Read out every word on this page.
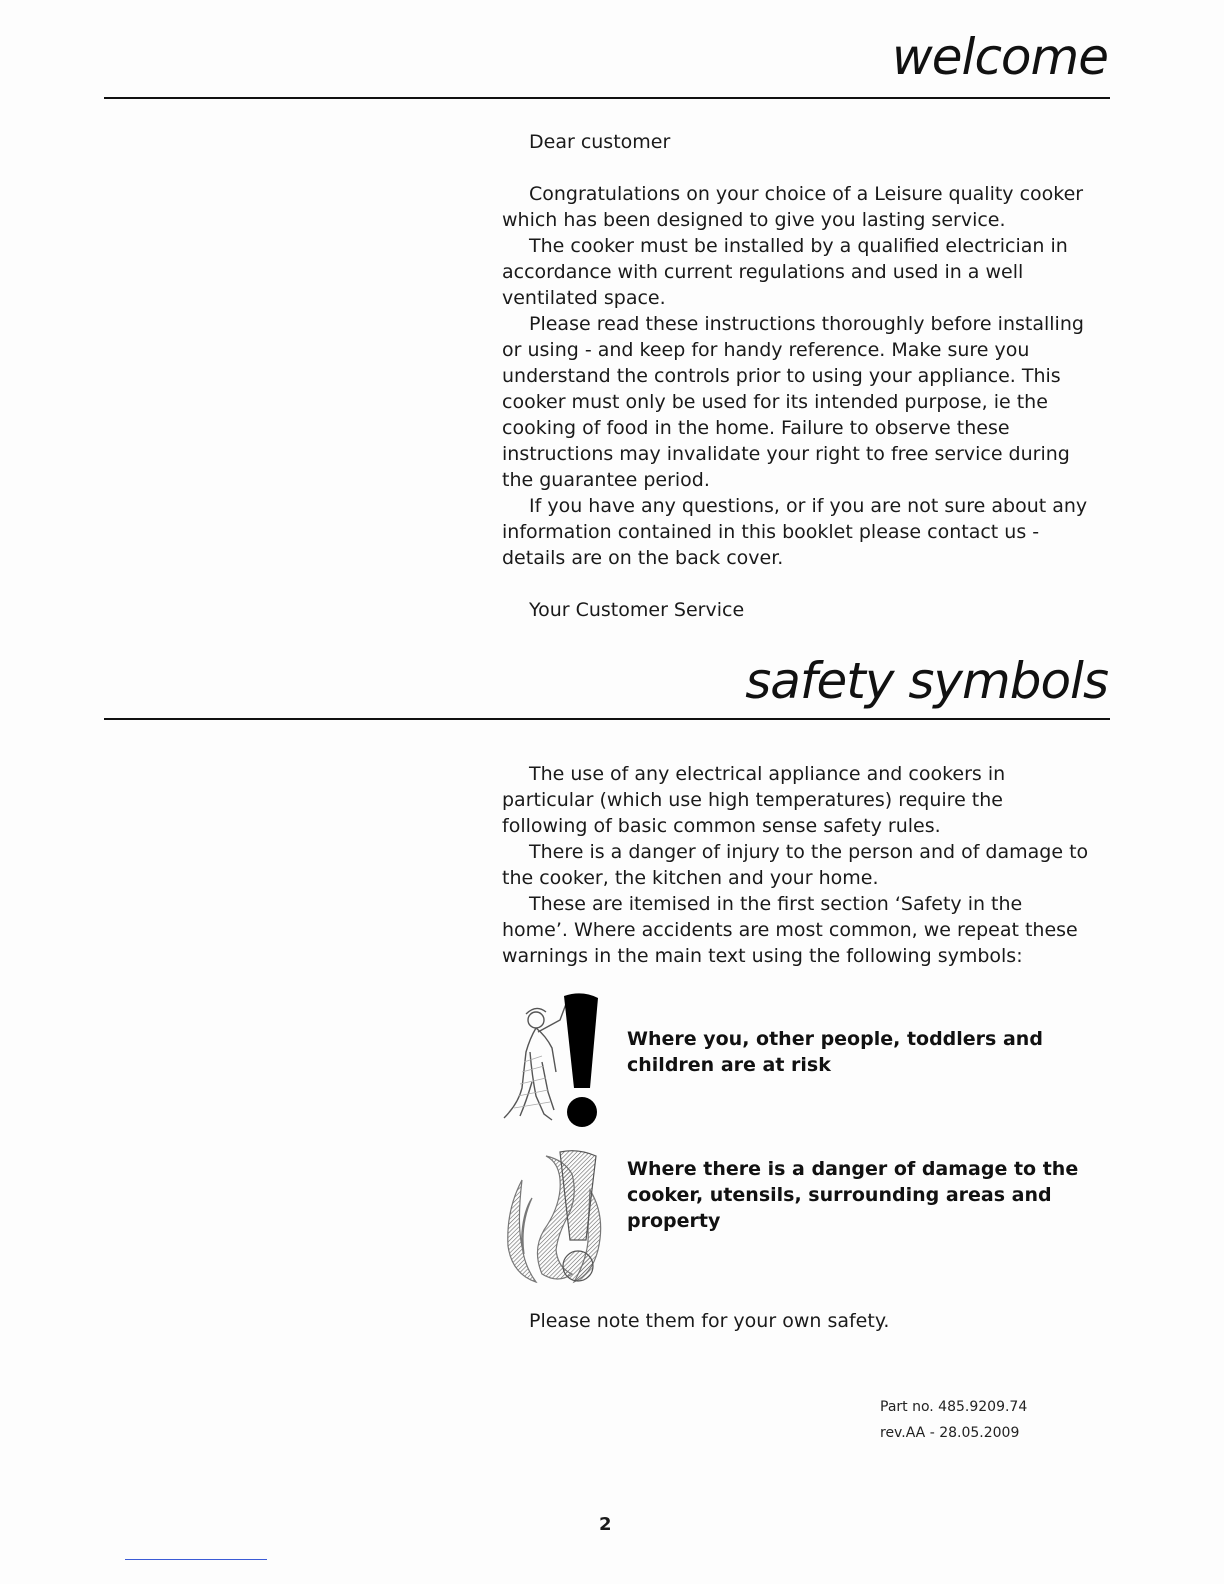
welcome

Dear customer

Congratulations on your choice of a Leisure quality cooker which has been designed to give you lasting service.

The cooker must be installed by a qualified electrician in accordance with current regulations and used in a well ventilated space.

Please read these instructions thoroughly before installing or using - and keep for handy reference. Make sure you understand the controls prior to using your appliance. This cooker must only be used for its intended purpose, ie the cooking of food in the home. Failure to observe these instructions may invalidate your right to free service during the guarantee period.

If you have any questions, or if you are not sure about any information contained in this booklet please contact us - details are on the back cover.

Your Customer Service

safety symbols

The use of any electrical appliance and cookers in particular (which use high temperatures) require the following of basic common sense safety rules.

There is a danger of injury to the person and of damage to the cooker, the kitchen and your home.

These are itemised in the first section ‘Safety in the home’. Where accidents are most common, we repeat these warnings in the main text using the following symbols:

Where you, other people, toddlers and children are at risk
Where there is a danger of damage to the cooker, utensils, surrounding areas and property
Please note them for your own safety.
Part no. 485.9209.74
rev.AA - 28.05.2009
2
